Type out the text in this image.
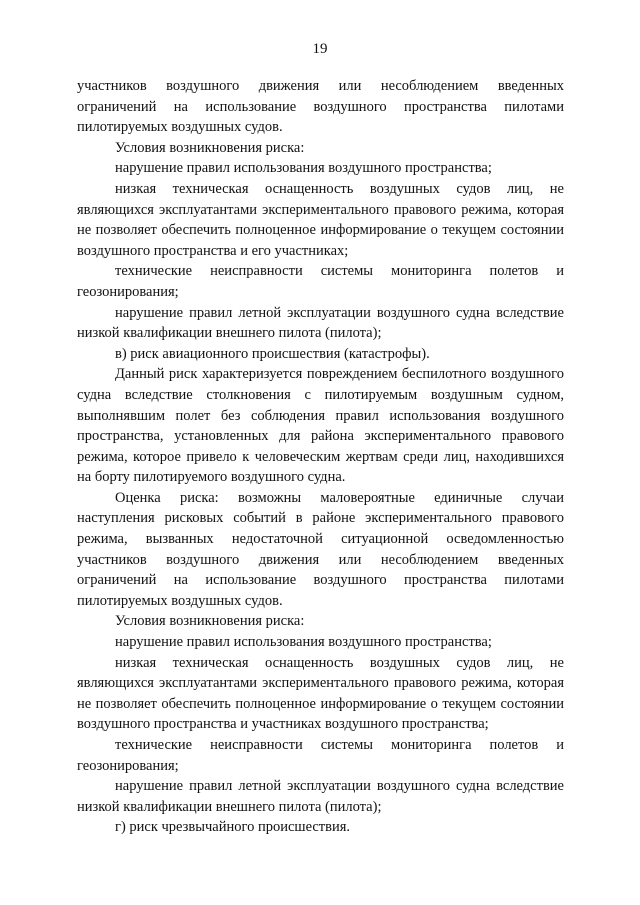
19

участников воздушного движения или несоблюдением введенных ограничений на использование воздушного пространства пилотами пилотируемых воздушных судов.

Условия возникновения риска:

нарушение правил использования воздушного пространства;

низкая техническая оснащенность воздушных судов лиц, не являющихся эксплуатантами экспериментального правового режима, которая не позволяет обеспечить полноценное информирование о текущем состоянии воздушного пространства и его участниках;

технические неисправности системы мониторинга полетов и геозонирования;

нарушение правил летной эксплуатации воздушного судна вследствие низкой квалификации внешнего пилота (пилота);

в) риск авиационного происшествия (катастрофы).

Данный риск характеризуется повреждением беспилотного воздушного судна вследствие столкновения с пилотируемым воздушным судном, выполнявшим полет без соблюдения правил использования воздушного пространства, установленных для района экспериментального правового режима, которое привело к человеческим жертвам среди лиц, находившихся на борту пилотируемого воздушного судна.

Оценка риска: возможны маловероятные единичные случаи наступления рисковых событий в районе экспериментального правового режима, вызванных недостаточной ситуационной осведомленностью участников воздушного движения или несоблюдением введенных ограничений на использование воздушного пространства пилотами пилотируемых воздушных судов.

Условия возникновения риска:

нарушение правил использования воздушного пространства;

низкая техническая оснащенность воздушных судов лиц, не являющихся эксплуатантами экспериментального правового режима, которая не позволяет обеспечить полноценное информирование о текущем состоянии воздушного пространства и участниках воздушного пространства;

технические неисправности системы мониторинга полетов и геозонирования;

нарушение правил летной эксплуатации воздушного судна вследствие низкой квалификации внешнего пилота (пилота);

г) риск чрезвычайного происшествия.
